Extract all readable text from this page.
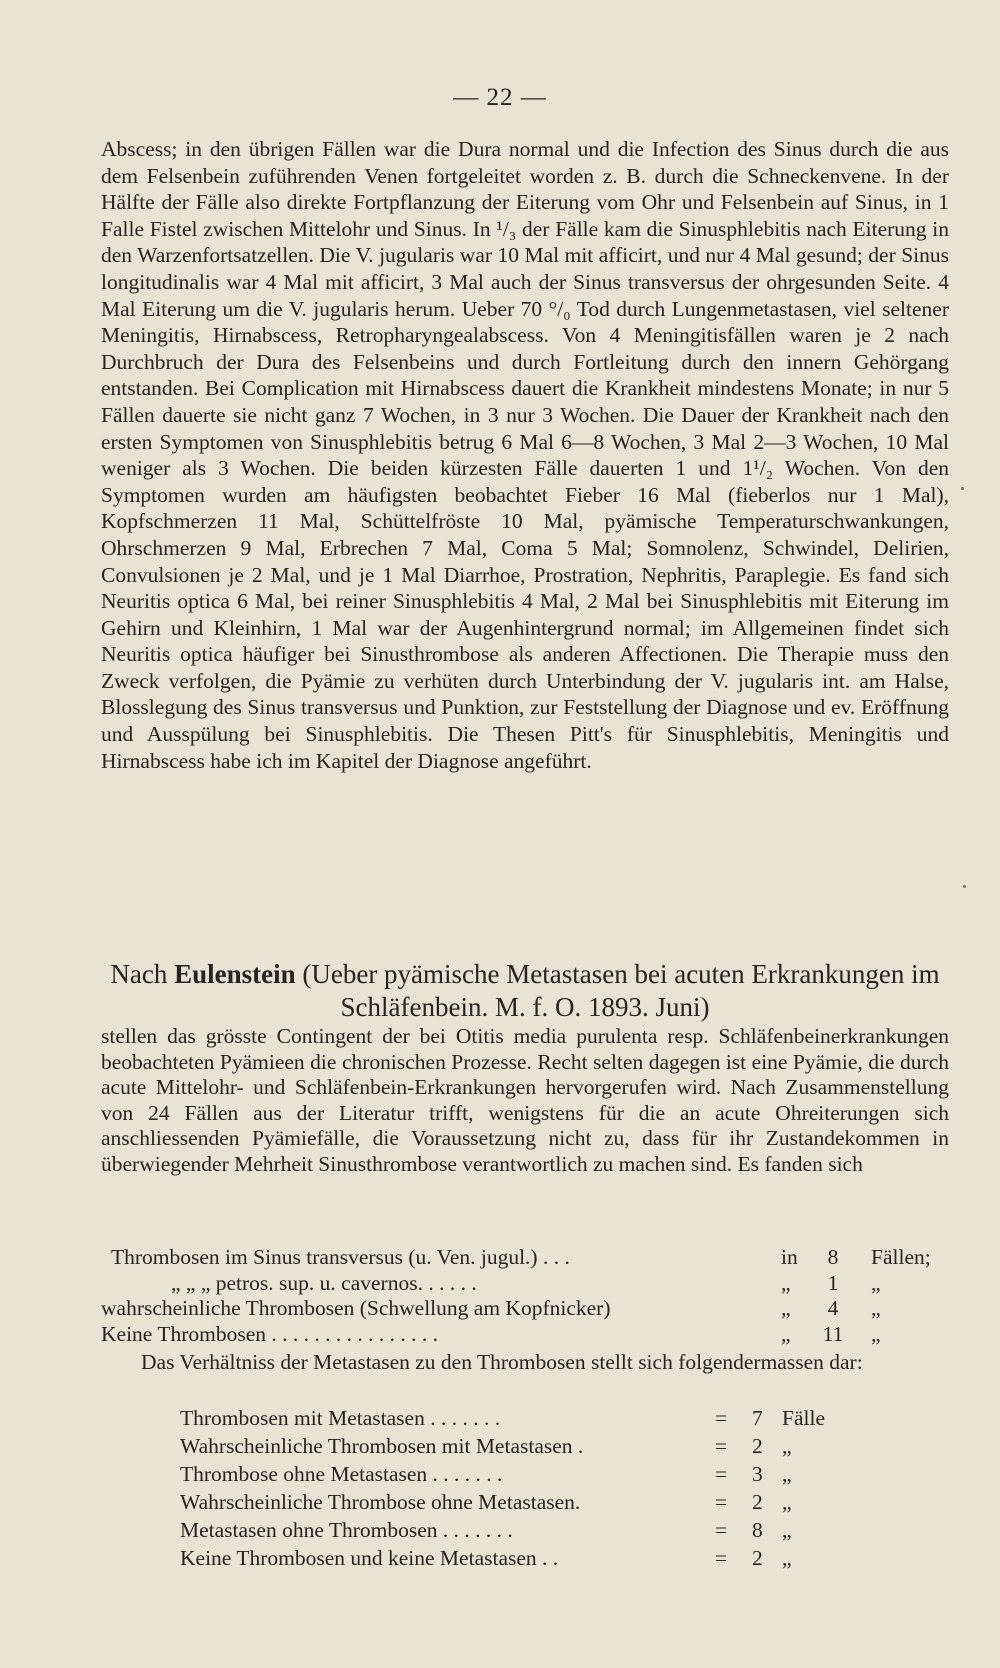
— 22 —

Abscess; in den übrigen Fällen war die Dura normal und die Infection des Sinus durch die aus dem Felsenbein zuführenden Venen fortgeleitet worden z. B. durch die Schneckenvene. In der Hälfte der Fälle also direkte Fortpflanzung der Eiterung vom Ohr und Felsenbein auf Sinus, in 1 Falle Fistel zwischen Mittelohr und Sinus. In ¹/₃ der Fälle kam die Sinusphlebitis nach Eiterung in den Warzenfortsatzellen. Die V. jugularis war 10 Mal mit afficirt, und nur 4 Mal gesund; der Sinus longitudinalis war 4 Mal mit afficirt, 3 Mal auch der Sinus transversus der ohrgesunden Seite. 4 Mal Eiterung um die V. jugularis herum. Ueber 70 °/₀ Tod durch Lungenmetastasen, viel seltener Meningitis, Hirnabscess, Retropharyngealabscess. Von 4 Meningitisfällen waren je 2 nach Durchbruch der Dura des Felsenbeins und durch Fortleitung durch den innern Gehörgang entstanden. Bei Complication mit Hirnabscess dauert die Krankheit mindestens Monate; in nur 5 Fällen dauerte sie nicht ganz 7 Wochen, in 3 nur 3 Wochen. Die Dauer der Krankheit nach den ersten Symptomen von Sinusphlebitis betrug 6 Mal 6—8 Wochen, 3 Mal 2—3 Wochen, 10 Mal weniger als 3 Wochen. Die beiden kürzesten Fälle dauerten 1 und 1¹/₂ Wochen. Von den Symptomen wurden am häufigsten beobachtet Fieber 16 Mal (fieberlos nur 1 Mal), Kopfschmerzen 11 Mal, Schüttelfröste 10 Mal, pyämische Temperaturschwankungen, Ohrschmerzen 9 Mal, Erbrechen 7 Mal, Coma 5 Mal; Somnolenz, Schwindel, Delirien, Convulsionen je 2 Mal, und je 1 Mal Diarrhoe, Prostration, Nephritis, Paraplegie. Es fand sich Neuritis optica 6 Mal, bei reiner Sinusphlebitis 4 Mal, 2 Mal bei Sinusphlebitis mit Eiterung im Gehirn und Kleinhirn, 1 Mal war der Augenhintergrund normal; im Allgemeinen findet sich Neuritis optica häufiger bei Sinusthrombose als anderen Affectionen. Die Therapie muss den Zweck verfolgen, die Pyämie zu verhüten durch Unterbindung der V. jugularis int. am Halse, Blosslegung des Sinus transversus und Punktion, zur Feststellung der Diagnose und ev. Eröffnung und Ausspülung bei Sinusphlebitis. Die Thesen Pitt's für Sinusphlebitis, Meningitis und Hirnabscess habe ich im Kapitel der Diagnose angeführt.

Nach Eulenstein (Ueber pyämische Metastasen bei acuten Erkrankungen im Schläfenbein. M. f. O. 1893. Juni)

stellen das grösste Contingent der bei Otitis media purulenta resp. Schläfenbeinerkrankungen beobachteten Pyämieen die chronischen Prozesse. Recht selten dagegen ist eine Pyämie, die durch acute Mittelohr- und Schläfenbein-Erkrankungen hervorgerufen wird. Nach Zusammenstellung von 24 Fällen aus der Literatur trifft, wenigstens für die an acute Ohreiterungen sich anschliessenden Pyämiefälle, die Voraussetzung nicht zu, dass für ihr Zustandekommen in überwiegender Mehrheit Sinusthrombose verantwortlich zu machen sind. Es fanden sich

Thrombosen im Sinus transversus (u. Ven. jugul.) . . .	in	8	Fällen;
„ „ „ petros. sup. u. cavernos. . . . . .	„	1	„
wahrscheinliche Thrombosen (Schwellung am Kopfnicker)	„	4	„
Keine Thrombosen . . . . . . . . . . . . . . . .	„	11	„
Das Verhältniss der Metastasen zu den Thrombosen stellt sich folgendermassen dar:
Thrombosen mit Metastasen . . . . . . .	= 7 Fälle
Wahrscheinliche Thrombosen mit Metastasen .	= 2 „
Thrombose ohne Metastasen . . . . . . .	= 3 „
Wahrscheinliche Thrombose ohne Metastasen.	= 2 „
Metastasen ohne Thrombosen . . . . . . .	= 8 „
Keine Thrombosen und keine Metastasen . .	= 2 „
